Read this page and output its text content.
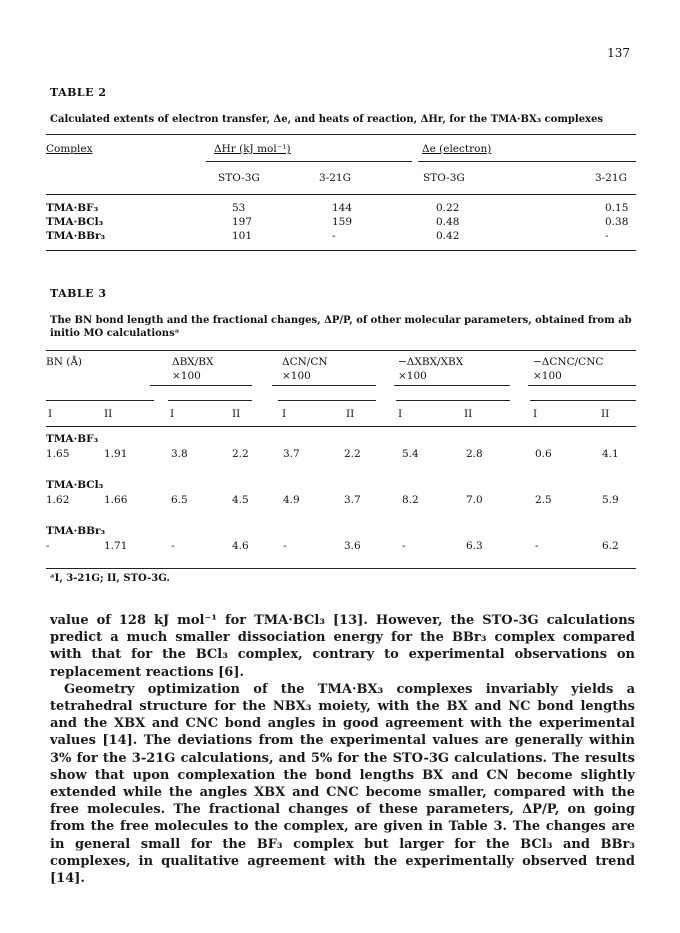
137
TABLE 2
Calculated extents of electron transfer, Δe, and heats of reaction, ΔHr, for the TMA·BX₃ complexes
Complex	ΔHr (kJ mol⁻¹)	Δe (electron)
STO-3G	3-21G	STO-3G	3-21G
TMA·BF₃	53	144	0.22	0.15
TMA·BCl₃	197	159	0.48	0.38
TMA·BBr₃	101	-	0.42	-
TABLE 3
The BN bond length and the fractional changes, ΔP/P, of other molecular parameters, obtained from ab initio MO calculationsᵃ
BN (Å)	ΔBX/BX	ΔCN/CN	−ΔXBX/XBX	−ΔCNC/CNC
×100	×100	×100	×100
I	II	I	II	I	II	I	II	I	II
TMA·BF₃
1.65	1.91	3.8	2.2	3.7	2.2	5.4	2.8	0.6	4.1
TMA·BCl₃
1.62	1.66	6.5	4.5	4.9	3.7	8.2	7.0	2.5	5.9
TMA·BBr₃
-	1.71	-	4.6	-	3.6	-	6.3	-	6.2
ᵃI, 3-21G; II, STO-3G.

value of 128 kJ mol⁻¹ for TMA·BCl₃ [13]. However, the STO-3G calculations predict a much smaller dissociation energy for the BBr₃ complex compared with that for the BCl₃ complex, contrary to experimental observations on replacement reactions [6].

Geometry optimization of the TMA·BX₃ complexes invariably yields a tetrahedral structure for the NBX₃ moiety, with the BX and NC bond lengths and the XBX and CNC bond angles in good agreement with the experimental values [14]. The deviations from the experimental values are generally within 3% for the 3-21G calculations, and 5% for the STO-3G calculations. The results show that upon complexation the bond lengths BX and CN become slightly extended while the angles XBX and CNC become smaller, compared with the free molecules. The fractional changes of these parameters, ΔP/P, on going from the free molecules to the complex, are given in Table 3. The changes are in general small for the BF₃ complex but larger for the BCl₃ and BBr₃ complexes, in qualitative agreement with the experimentally observed trend [14].
